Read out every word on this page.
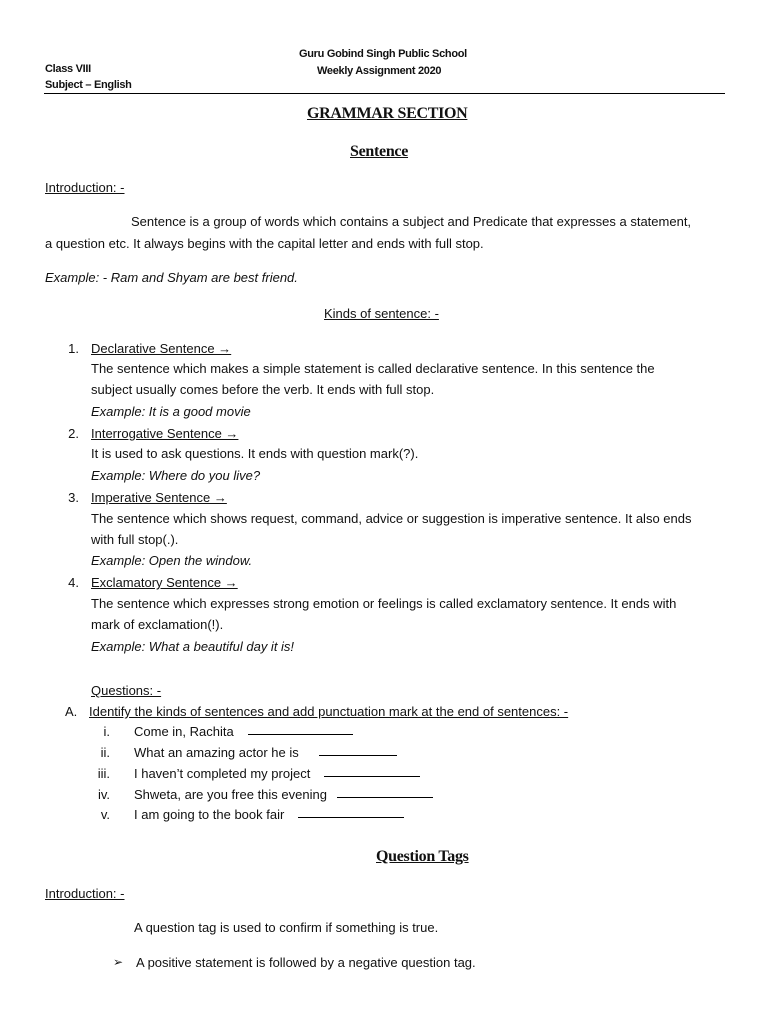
Guru Gobind Singh Public School
Weekly Assignment 2020
Class VIII
Subject – English
GRAMMAR SECTION
Sentence
Introduction: -
Sentence is a group of words which contains a subject and Predicate that expresses a statement,
a question etc. It always begins with the capital letter and ends with full stop.
Example: - Ram and Shyam are best friend.
Kinds of sentence: -
1. Declarative Sentence →
The sentence which makes a simple statement is called declarative sentence. In this sentence the
subject usually comes before the verb. It ends with full stop.
Example: It is a good movie
2. Interrogative Sentence →
It is used to ask questions. It ends with question mark(?).
Example: Where do you live?
3. Imperative Sentence →
The sentence which shows request, command, advice or suggestion is imperative sentence. It also ends
with full stop(.).
Example: Open the window.
4. Exclamatory Sentence →
The sentence which expresses strong emotion or feelings is called exclamatory sentence. It ends with
mark of exclamation(!).
Example: What a beautiful day it is!
Questions: -
A. Identify the kinds of sentences and add punctuation mark at the end of sentences: -
i. Come in, Rachita
ii. What an amazing actor he is
iii. I haven’t completed my project
iv. Shweta, are you free this evening
v. I am going to the book fair
Question Tags
Introduction: -
A question tag is used to confirm if something is true.
➢ A positive statement is followed by a negative question tag.
